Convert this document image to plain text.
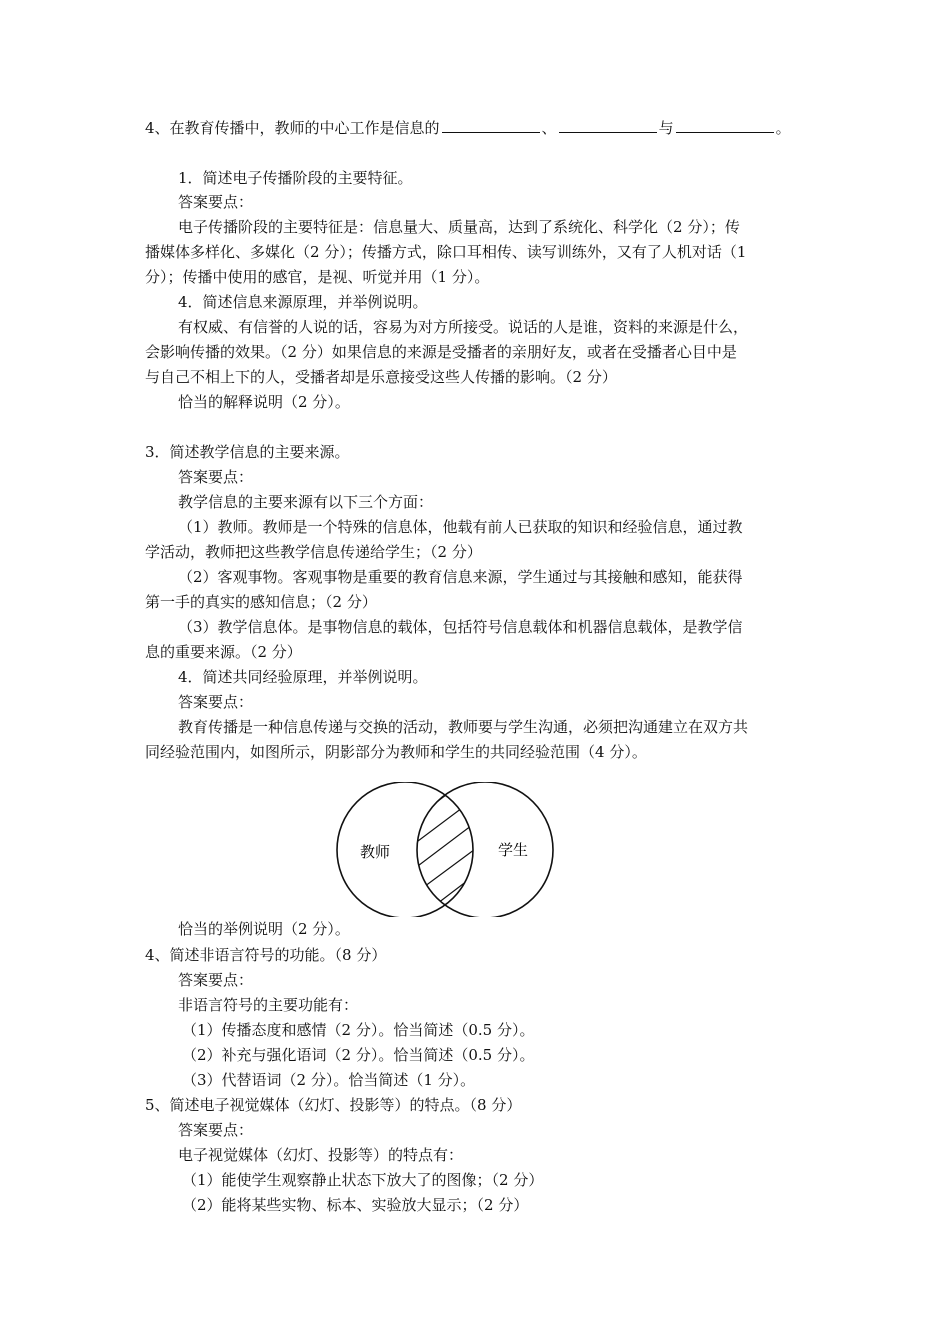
4、在教育传播中，教师的中心工作是信息的	、	与	。
1．简述电子传播阶段的主要特征。
答案要点：
电子传播阶段的主要特征是：信息量大、质量高，达到了系统化、科学化（2 分）；传
播媒体多样化、多媒化（2 分）；传播方式，除口耳相传、读写训练外，又有了人机对话（1
分）；传播中使用的感官，是视、听觉并用（1 分）。
4．简述信息来源原理，并举例说明。
有权威、有信誉的人说的话，容易为对方所接受。说话的人是谁，资料的来源是什么，
会影响传播的效果。（2 分）如果信息的来源是受播者的亲朋好友，或者在受播者心目中是
与自己不相上下的人，受播者却是乐意接受这些人传播的影响。（2 分）
恰当的解释说明（2 分）。
3．简述教学信息的主要来源。
答案要点：
教学信息的主要来源有以下三个方面：
（1）教师。教师是一个特殊的信息体，他载有前人已获取的知识和经验信息，通过教
学活动，教师把这些教学信息传递给学生；（2 分）
（2）客观事物。客观事物是重要的教育信息来源，学生通过与其接触和感知，能获得
第一手的真实的感知信息；（2 分）
（3）教学信息体。是事物信息的载体，包括符号信息载体和机器信息载体，是教学信
息的重要来源。（2 分）
4．简述共同经验原理，并举例说明。
答案要点：
教育传播是一种信息传递与交换的活动，教师要与学生沟通，必须把沟通建立在双方共
同经验范围内，如图所示，阴影部分为教师和学生的共同经验范围（4 分）。
教师	学生
恰当的举例说明（2 分）。
4、简述非语言符号的功能。（8 分）
答案要点：
非语言符号的主要功能有：
（1）传播态度和感情（2 分）。恰当简述（0.5 分）。
（2）补充与强化语词（2 分）。恰当简述（0.5 分）。
（3）代替语词（2 分）。恰当简述（1 分）。
5、简述电子视觉媒体（幻灯、投影等）的特点。（8 分）
答案要点：
电子视觉媒体（幻灯、投影等）的特点有：
（1）能使学生观察静止状态下放大了的图像；（2 分）
（2）能将某些实物、标本、实验放大显示；（2 分）
